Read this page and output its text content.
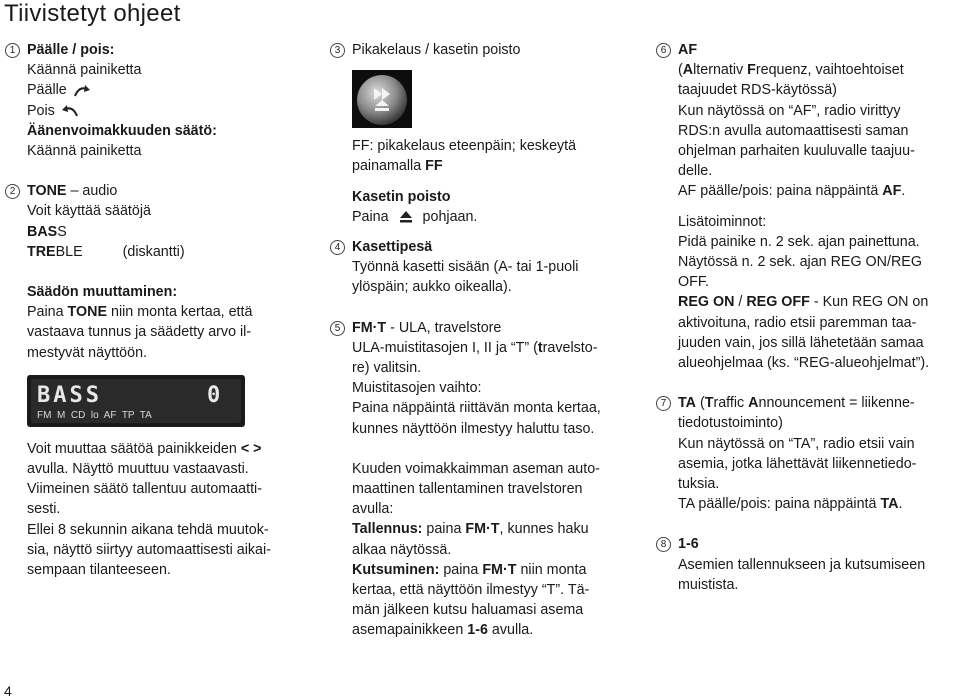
Tiivistetyt ohjeet
1 Päälle / pois:
Käännä painiketta
Päälle
Pois
Äänenvoimakkuuden säätö:
Käännä painiketta
2 TONE – audio
Voit käyttää säätöjä
BASS
TREBLE	(diskantti)
Säädön muuttaminen:
Paina TONE niin monta kertaa, että
vastaava tunnus ja säädetty arvo il-
mestyvät näyttöön.
BASS	0
FM  M  CD  lo  AF  TP  TA
Voit muuttaa säätöä painikkeiden < >
avulla. Näyttö muuttuu vastaavasti.
Viimeinen säätö tallentuu automaatti-
sesti.
Ellei 8 sekunnin aikana tehdä muutok-
sia, näyttö siirtyy automaattisesti aikai-
sempaan tilanteeseen.
3 Pikakelaus / kasetin poisto
FF: pikakelaus eteenpäin; keskeytä
painamalla FF
Kasetin poisto
Paina pohjaan.
4 Kasettipesä
Työnnä kasetti sisään (A- tai 1-puoli
ylöspäin; aukko oikealla).
5 FM·T - ULA, travelstore
ULA-muistitasojen I, II ja “T” (travelsto-
re) valitsin.
Muistitasojen vaihto:
Paina näppäintä riittävän monta kertaa,
kunnes näyttöön ilmestyy haluttu taso.
Kuuden voimakkaimman aseman auto-
maattinen tallentaminen travelstoren
avulla:
Tallennus: paina FM·T, kunnes haku
alkaa näytössä.
Kutsuminen: paina FM·T niin monta
kertaa, että näyttöön ilmestyy “T”. Tä-
män jälkeen kutsu haluamasi asema
asemapainikkeen 1-6 avulla.
6 AF
(Alternativ Frequenz, vaihtoehtoiset
taajuudet RDS-käytössä)
Kun näytössä on “AF”, radio virittyy
RDS:n avulla automaattisesti saman
ohjelman parhaiten kuuluvalle taajuu-
delle.
AF päälle/pois: paina näppäintä AF.
Lisätoiminnot:
Pidä painike n. 2 sek. ajan painettuna.
Näytössä n. 2 sek. ajan REG ON/REG
OFF.
REG ON / REG OFF - Kun REG ON on
aktivoituna, radio etsii paremman taa-
juuden vain, jos sillä lähetetään samaa
alueohjelmaa (ks. “REG-alueohjelmat”).
7 TA (Traffic Announcement = liikenne-
tiedotustoiminto)
Kun näytössä on “TA”, radio etsii vain
asemia, jotka lähettävät liikennetiedo-
tuksia.
TA päälle/pois: paina näppäintä TA.
8 1-6
Asemien tallennukseen ja kutsumiseen
muistista.
4
